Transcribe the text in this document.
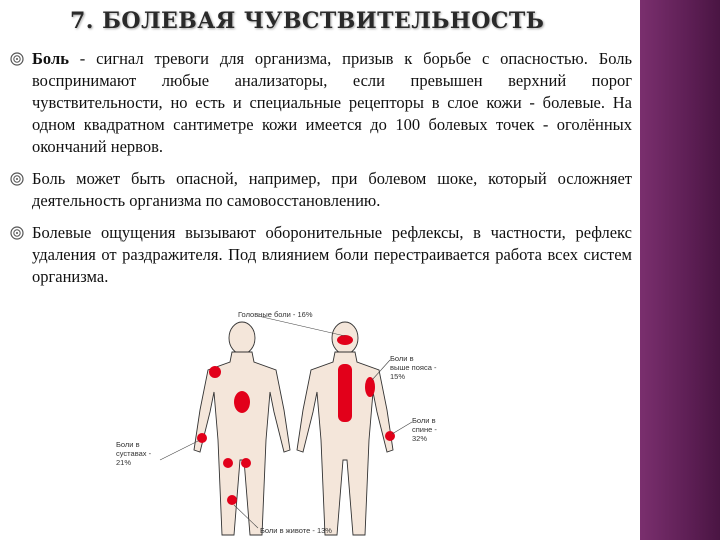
7. БОЛЕВАЯ ЧУВСТВИТЕЛЬНОСТЬ
Боль - сигнал тревоги для организма, призыв к борьбе с опасностью. Боль воспринимают любые анализаторы, если превышен верхний порог чувствительности, но есть и специальные рецепторы в слое кожи - болевые. На одном квадратном сантиметре кожи имеется до 100 болевых точек - оголённых окончаний нервов.
Боль может быть опасной, например, при болевом шоке, который осложняет деятельность организма по самовосстановлению.
Болевые ощущения вызывают оборонительные рефлексы, в частности, рефлекс удаления от раздражителя. Под влиянием боли перестраивается работа всех систем организма.
Головные боли - 16%
Боли в
выше пояса -
15%
Боли в
спине -
32%
Боли в
суставах -
21%
Боли в животе - 13%
